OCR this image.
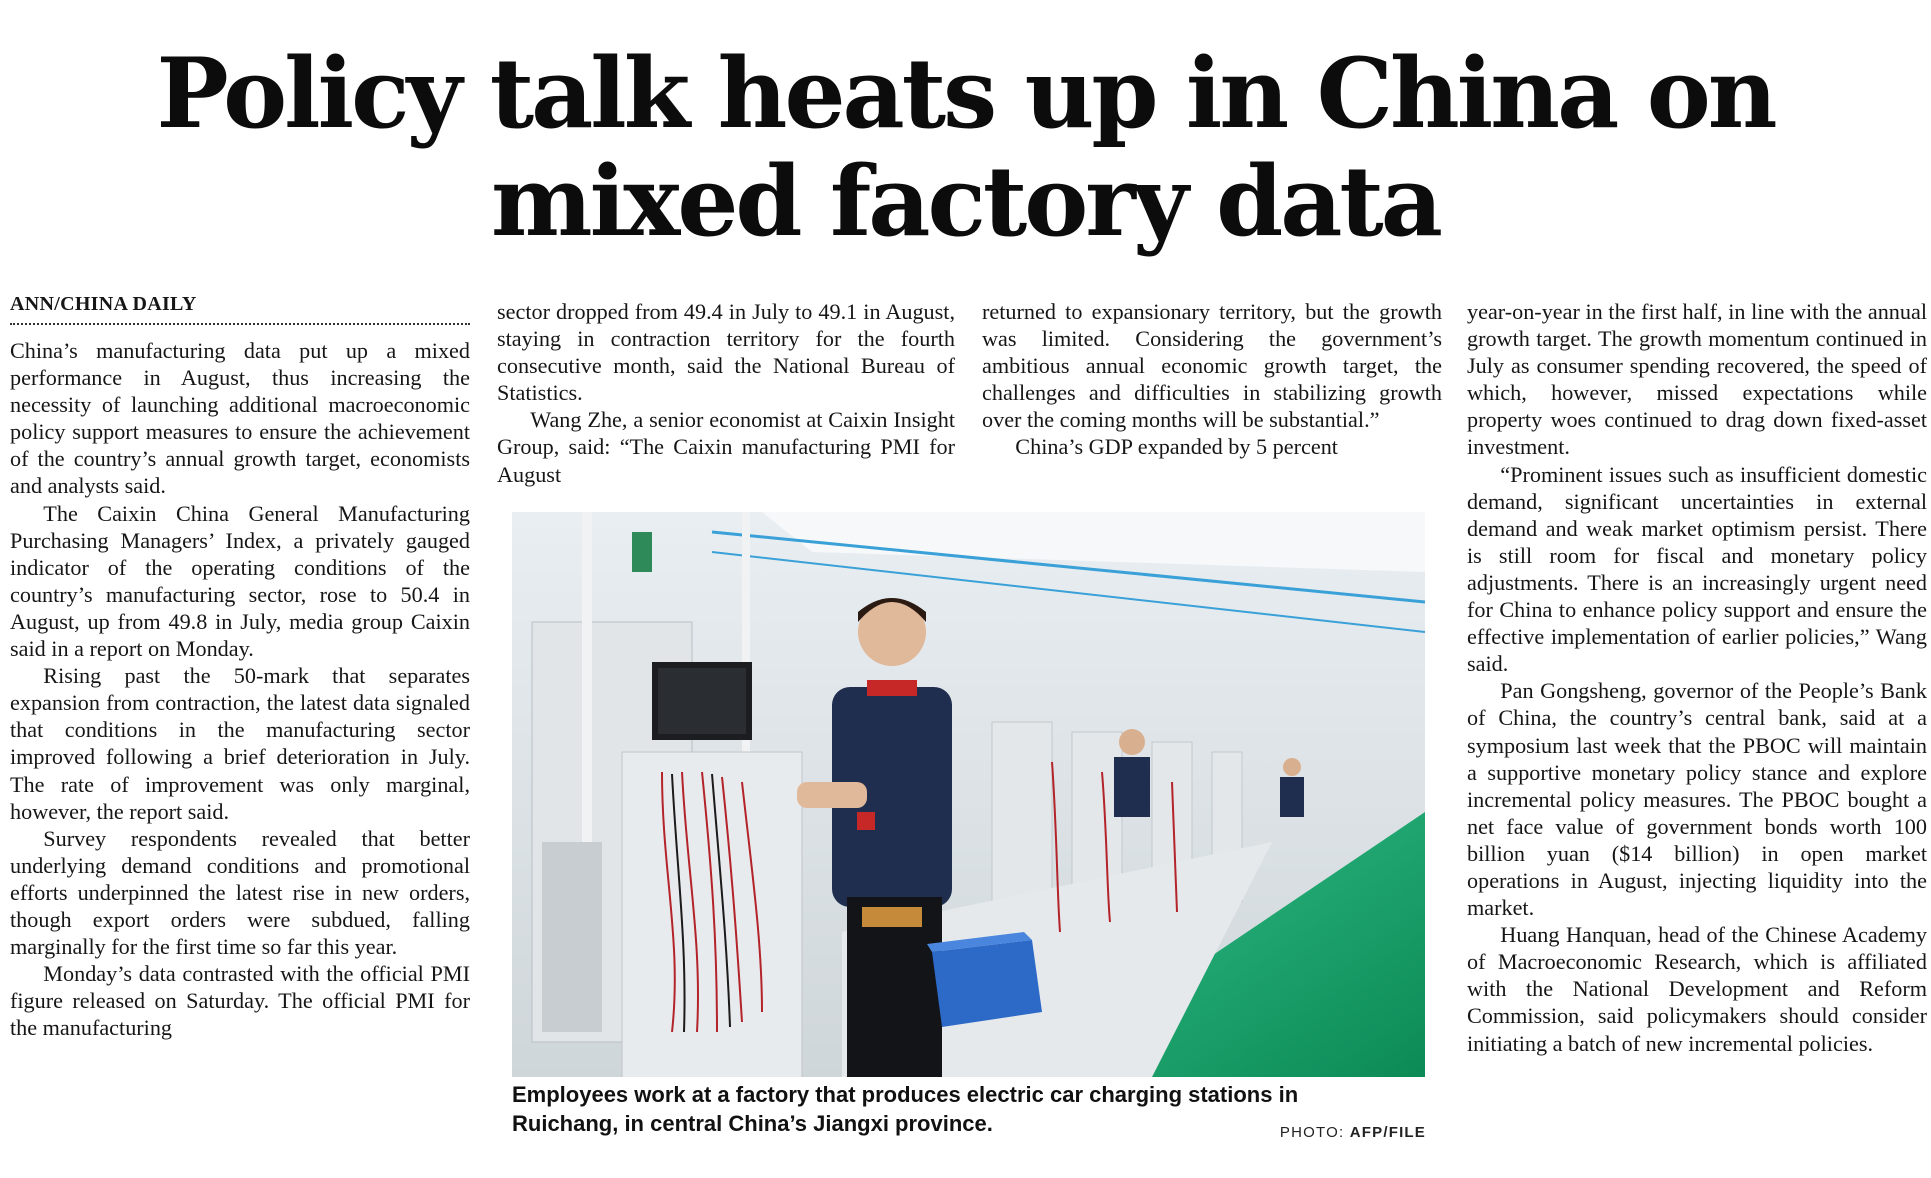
Policy talk heats up in China on mixed factory data
ANN/CHINA DAILY

China’s manufacturing data put up a mixed performance in August, thus increasing the necessity of launching additional macroeconomic policy support measures to ensure the achievement of the country’s annual growth target, economists and analysts said.

The Caixin China General Manufacturing Purchasing Managers’ Index, a privately gauged indicator of the operating conditions of the country’s manufacturing sector, rose to 50.4 in August, up from 49.8 in July, media group Caixin said in a report on Monday.

Rising past the 50-mark that separates expansion from contraction, the latest data signaled that conditions in the manufacturing sector improved following a brief deterioration in July. The rate of improvement was only marginal, however, the report said.

Survey respondents revealed that better underlying demand conditions and promotional efforts underpinned the latest rise in new orders, though export orders were subdued, falling marginally for the first time so far this year.

Monday’s data contrasted with the official PMI figure released on Saturday. The official PMI for the manufacturing

sector dropped from 49.4 in July to 49.1 in August, staying in contraction territory for the fourth consecutive month, said the National Bureau of Statistics.

Wang Zhe, a senior economist at Caixin Insight Group, said: “The Caixin manufacturing PMI for August

returned to expansionary territory, but the growth was limited. Considering the government’s ambitious annual economic growth target, the challenges and difficulties in stabilizing growth over the coming months will be substantial.”

China’s GDP expanded by 5 percent

year-on-year in the first half, in line with the annual growth target. The growth momentum continued in July as consumer spending recovered, the speed of which, however, missed expectations while property woes continued to drag down fixed-asset investment.

“Prominent issues such as insufficient domestic demand, significant uncertainties in external demand and weak market optimism persist. There is still room for fiscal and monetary policy adjustments. There is an increasingly urgent need for China to enhance policy support and ensure the effective implementation of earlier policies,” Wang said.

Pan Gongsheng, governor of the People’s Bank of China, the country’s central bank, said at a symposium last week that the PBOC will maintain a supportive monetary policy stance and explore incremental policy measures. The PBOC bought a net face value of government bonds worth 100 billion yuan ($14 billion) in open market operations in August, injecting liquidity into the market.

Huang Hanquan, head of the Chinese Academy of Macroeconomic Research, which is affiliated with the National Development and Reform Commission, said policymakers should consider initiating a batch of new incremental policies.

Employees work at a factory that produces electric car charging stations in Ruichang, in central China’s Jiangxi province.	PHOTO: AFP/FILE
